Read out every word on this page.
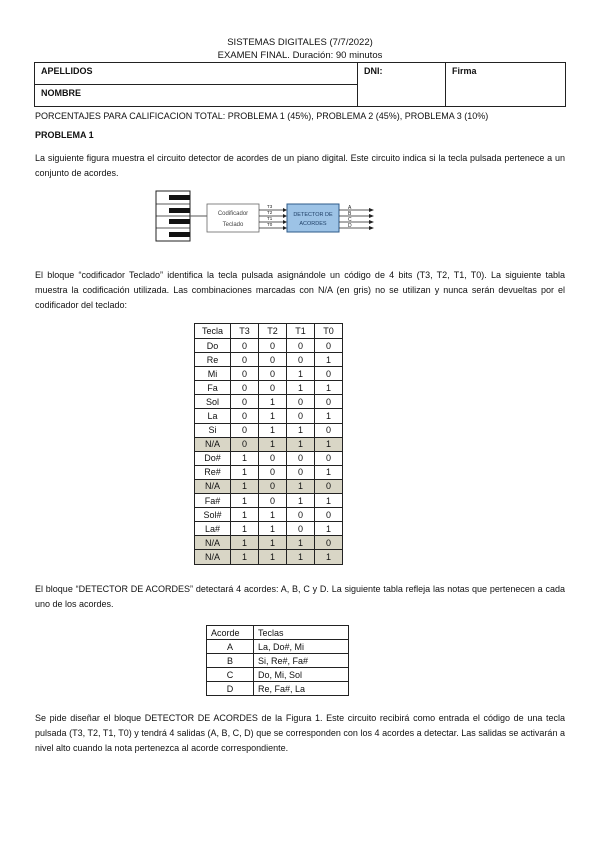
SISTEMAS DIGITALES (7/7/2022)
EXAMEN FINAL. Duración: 90 minutos
APELLIDOS	DNI:	Firma
NOMBRE
PORCENTAJES PARA CALIFICACION TOTAL: PROBLEMA 1 (45%), PROBLEMA 2 (45%), PROBLEMA 3 (10%)
PROBLEMA 1
La siguiente figura muestra el circuito detector de acordes de un piano digital. Este circuito indica si la tecla pulsada pertenece a un conjunto de acordes.
Codificador
Teclado
T3
T2
T1
T0
DETECTOR DE
ACORDES
A
B
C
D
El bloque “codificador Teclado” identifica la tecla pulsada asignándole un código de 4 bits (T3, T2, T1, T0). La siguiente tabla muestra la codificación utilizada. Las combinaciones marcadas con N/A (en gris) no se utilizan y nunca serán devueltas por el codificador del teclado:
Tecla	T3	T2	T1	T0
Do	0	0	0	0
Re	0	0	0	1
Mi	0	0	1	0
Fa	0	0	1	1
Sol	0	1	0	0
La	0	1	0	1
Si	0	1	1	0
N/A	0	1	1	1
Do#	1	0	0	0
Re#	1	0	0	1
N/A	1	0	1	0
Fa#	1	0	1	1
Sol#	1	1	0	0
La#	1	1	0	1
N/A	1	1	1	0
N/A	1	1	1	1
El bloque “DETECTOR DE ACORDES” detectará 4 acordes: A, B, C y D. La siguiente tabla refleja las notas que pertenecen a cada uno de los acordes.
Acorde	Teclas
A	La, Do#, Mi
B	Si, Re#, Fa#
C	Do, Mi, Sol
D	Re, Fa#, La
Se pide diseñar el bloque DETECTOR DE ACORDES de la Figura 1. Este circuito recibirá como entrada el código de una tecla pulsada (T3, T2, T1, T0) y tendrá 4 salidas (A, B, C, D) que se corresponden con los 4 acordes a detectar. Las salidas se activarán a nivel alto cuando la nota pertenezca al acorde correspondiente.
